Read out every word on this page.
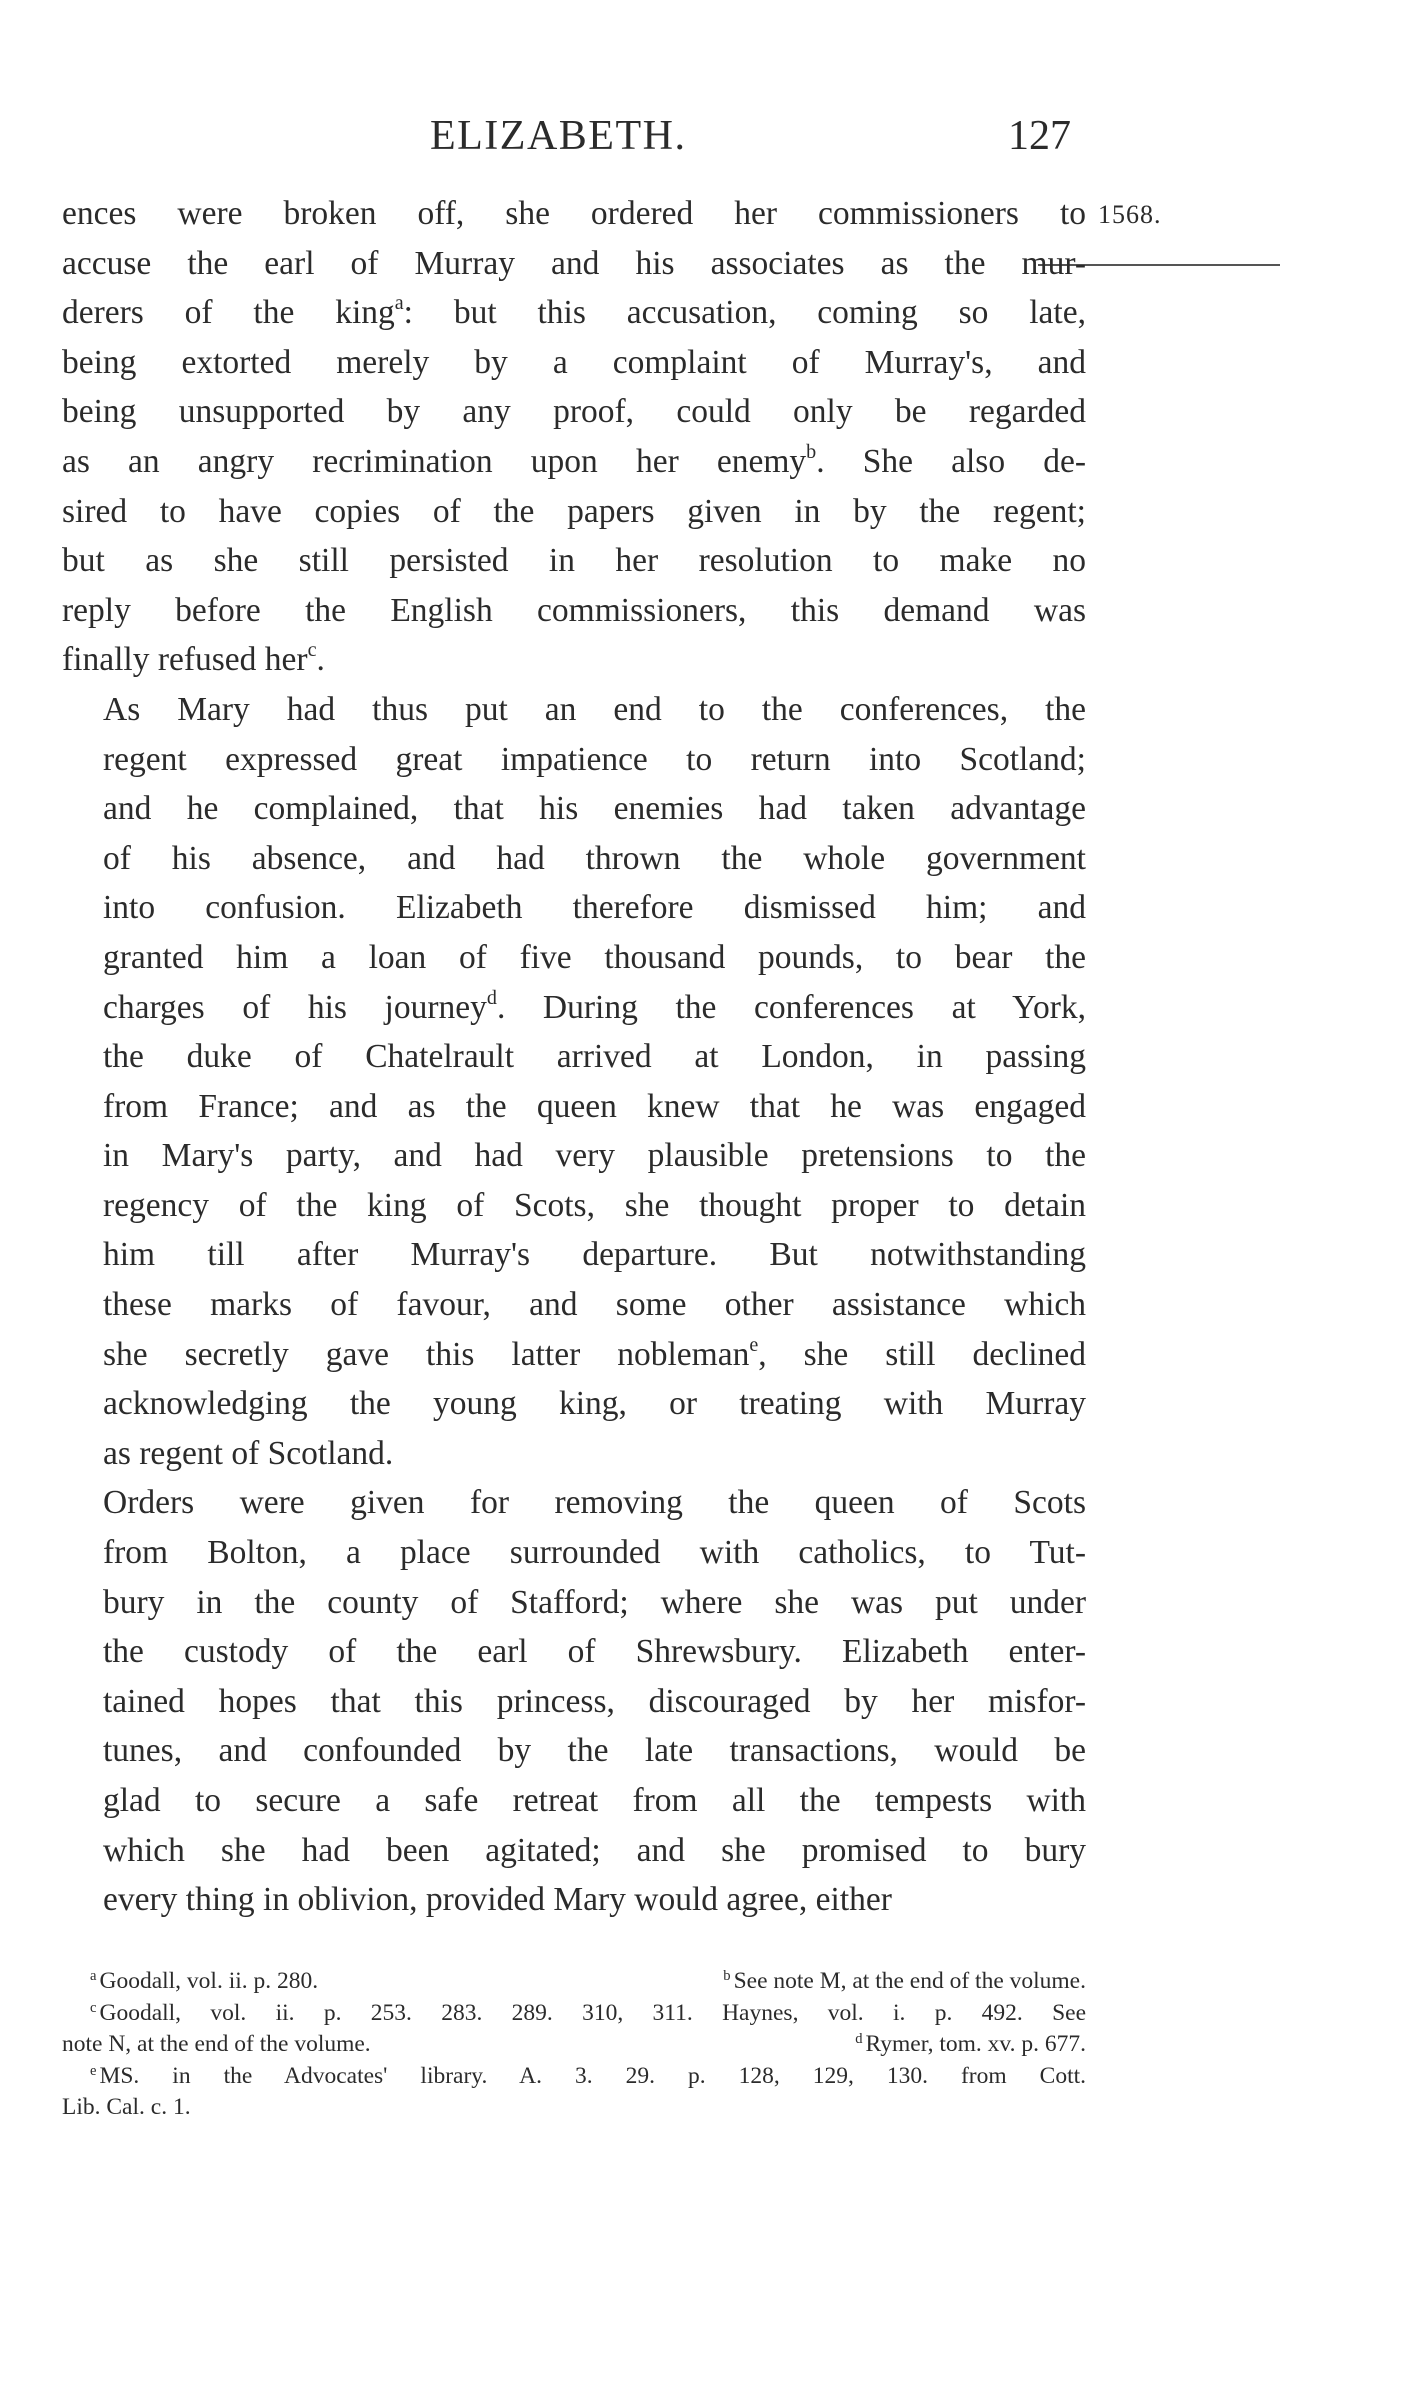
ELIZABETH.	127
1568.

ences were broken off, she ordered her commissioners to
accuse the earl of Murray and his associates as the mur-
derers of the king$^a$: but this accusation, coming so late,
being extorted merely by a complaint of Murray's, and
being unsupported by any proof, could only be regarded
as an angry recrimination upon her enemy$^b$. She also de-
sired to have copies of the papers given in by the regent;
but as she still persisted in her resolution to make no
reply before the English commissioners, this demand was
finally refused her$^c$.

As Mary had thus put an end to the conferences, the
regent expressed great impatience to return into Scotland;
and he complained, that his enemies had taken advantage
of his absence, and had thrown the whole government
into confusion. Elizabeth therefore dismissed him; and
granted him a loan of five thousand pounds, to bear the
charges of his journey$^d$. During the conferences at York,
the duke of Chatelrault arrived at London, in passing
from France; and as the queen knew that he was engaged
in Mary's party, and had very plausible pretensions to the
regency of the king of Scots, she thought proper to detain
him till after Murray's departure. But notwithstanding
these marks of favour, and some other assistance which
she secretly gave this latter nobleman$^e$, she still declined
acknowledging the young king, or treating with Murray
as regent of Scotland.

Orders were given for removing the queen of Scots
from Bolton, a place surrounded with catholics, to Tut-
bury in the county of Stafford; where she was put under
the custody of the earl of Shrewsbury. Elizabeth enter-
tained hopes that this princess, discouraged by her misfor-
tunes, and confounded by the late transactions, would be
glad to secure a safe retreat from all the tempests with
which she had been agitated; and she promised to bury
every thing in oblivion, provided Mary would agree, either

$^a$ Goodall, vol. ii. p. 280.	$^b$ See note M, at the end of the volume.
$^c$ Goodall, vol. ii. p. 253. 283. 289. 310, 311. Haynes, vol. i. p. 492. See
note N, at the end of the volume.	$^d$ Rymer, tom. xv. p. 677.
$^e$ MS. in the Advocates' library. A. 3. 29. p. 128, 129, 130. from Cott.
Lib. Cal. c. 1.
